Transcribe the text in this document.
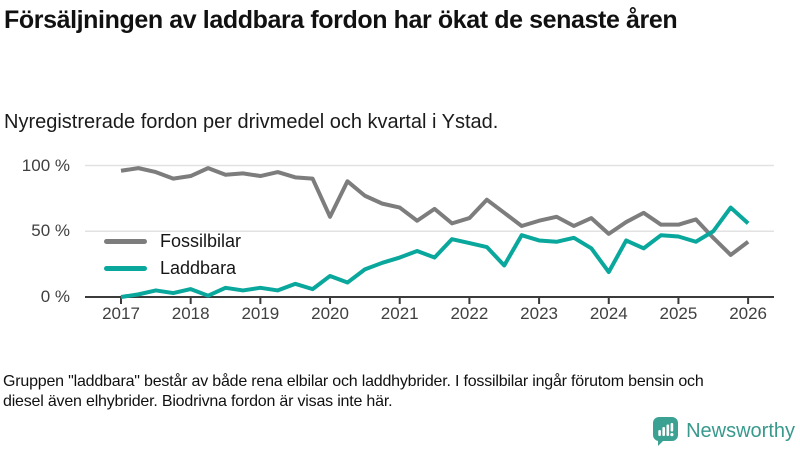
Försäljningen av laddbara fordon har ökat de senaste åren

Nyregistrerade fordon per drivmedel och kvartal i Ystad.

100 %
50 %
0 %
2017	2018	2019	2020	2021	2022	2023	2024	2025	2026
Fossilbilar
Laddbara

Gruppen "laddbara" består av både rena elbilar och laddhybrider. I fossilbilar ingår förutom bensin och diesel även elhybrider. Biodrivna fordon är visas inte här.

Newsworthy
